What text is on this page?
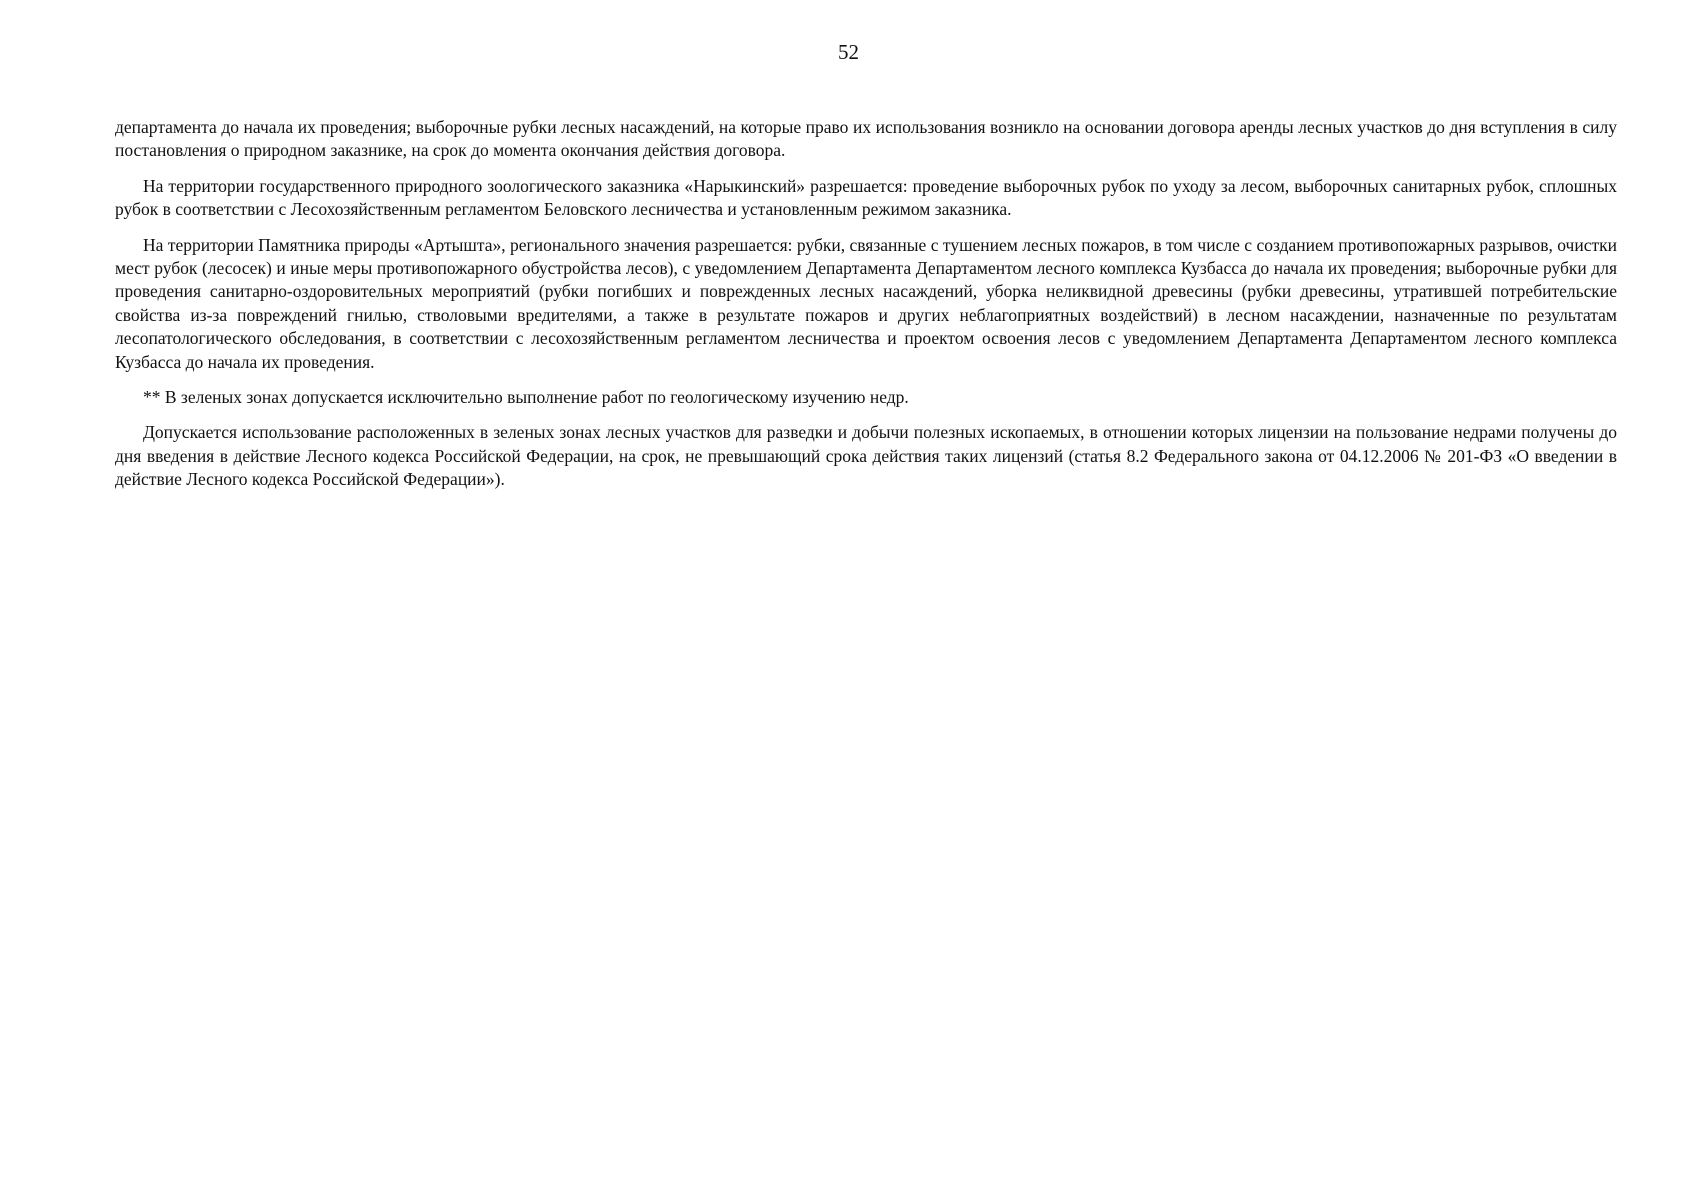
52

департамента до начала их проведения; выборочные рубки лесных насаждений, на которые право их использования возникло на основании договора аренды лесных участков до дня вступления в силу постановления о природном заказнике, на срок до момента окончания действия договора.

На территории государственного природного зоологического заказника «Нарыкинский» разрешается: проведение выборочных рубок по уходу за лесом, выборочных санитарных рубок, сплошных рубок в соответствии с Лесохозяйственным регламентом Беловского лесничества и установленным режимом заказника.

На территории Памятника природы «Артышта», регионального значения разрешается: рубки, связанные с тушением лесных пожаров, в том числе с созданием противопожарных разрывов, очистки мест рубок (лесосек) и иные меры противопожарного обустройства лесов), с уведомлением Департамента Департаментом лесного комплекса Кузбасса до начала их проведения; выборочные рубки для проведения санитарно-оздоровительных мероприятий (рубки погибших и поврежденных лесных насаждений, уборка неликвидной древесины (рубки древесины, утратившей потребительские свойства из-за повреждений гнилью, стволовыми вредителями, а также в результате пожаров и других неблагоприятных воздействий) в лесном насаждении, назначенные по результатам лесопатологического обследования, в соответствии с лесохозяйственным регламентом лесничества и проектом освоения лесов с уведомлением Департамента Департаментом лесного комплекса Кузбасса до начала их проведения.

** В зеленых зонах допускается исключительно выполнение работ по геологическому изучению недр.

Допускается использование расположенных в зеленых зонах лесных участков для разведки и добычи полезных ископаемых, в отношении которых лицензии на пользование недрами получены до дня введения в действие Лесного кодекса Российской Федерации, на срок, не превышающий срока действия таких лицензий (статья 8.2 Федерального закона от 04.12.2006 № 201-ФЗ «О введении в действие Лесного кодекса Российской Федерации»).
